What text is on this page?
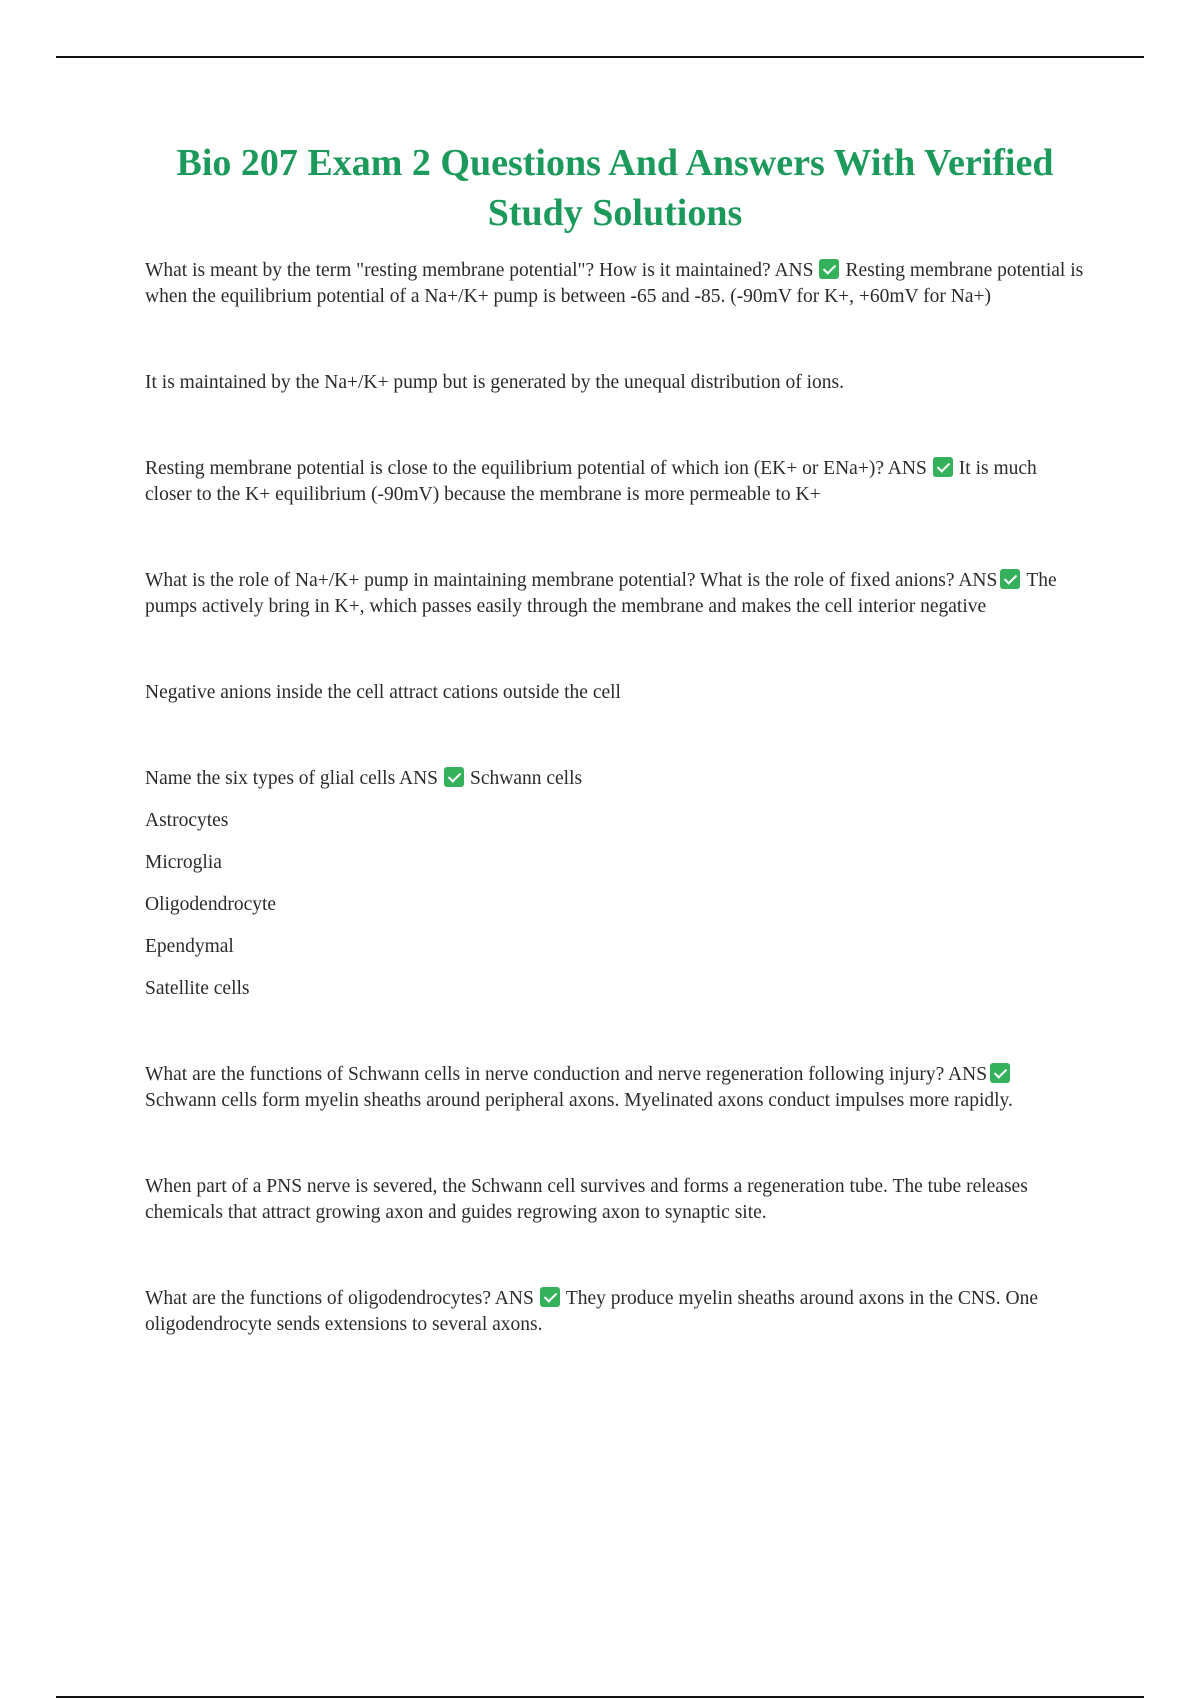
Bio 207 Exam 2 Questions And Answers With Verified Study Solutions

What is meant by the term "resting membrane potential"? How is it maintained? ANS Resting membrane potential is when the equilibrium potential of a Na+/K+ pump is between -65 and -85. (-90mV for K+, +60mV for Na+)

It is maintained by the Na+/K+ pump but is generated by the unequal distribution of ions.

Resting membrane potential is close to the equilibrium potential of which ion (EK+ or ENa+)? ANS It is much closer to the K+ equilibrium (-90mV) because the membrane is more permeable to K+

What is the role of Na+/K+ pump in maintaining membrane potential? What is the role of fixed anions? ANS The pumps actively bring in K+, which passes easily through the membrane and makes the cell interior negative

Negative anions inside the cell attract cations outside the cell

Name the six types of glial cells ANS Schwann cells

Astrocytes

Microglia

Oligodendrocyte

Ependymal

Satellite cells

What are the functions of Schwann cells in nerve conduction and nerve regeneration following injury? ANSSchwann cells form myelin sheaths around peripheral axons. Myelinated axons conduct impulses more rapidly.

When part of a PNS nerve is severed, the Schwann cell survives and forms a regeneration tube. The tube releases chemicals that attract growing axon and guides regrowing axon to synaptic site.

What are the functions of oligodendrocytes? ANS They produce myelin sheaths around axons in the CNS. One oligodendrocyte sends extensions to several axons.
